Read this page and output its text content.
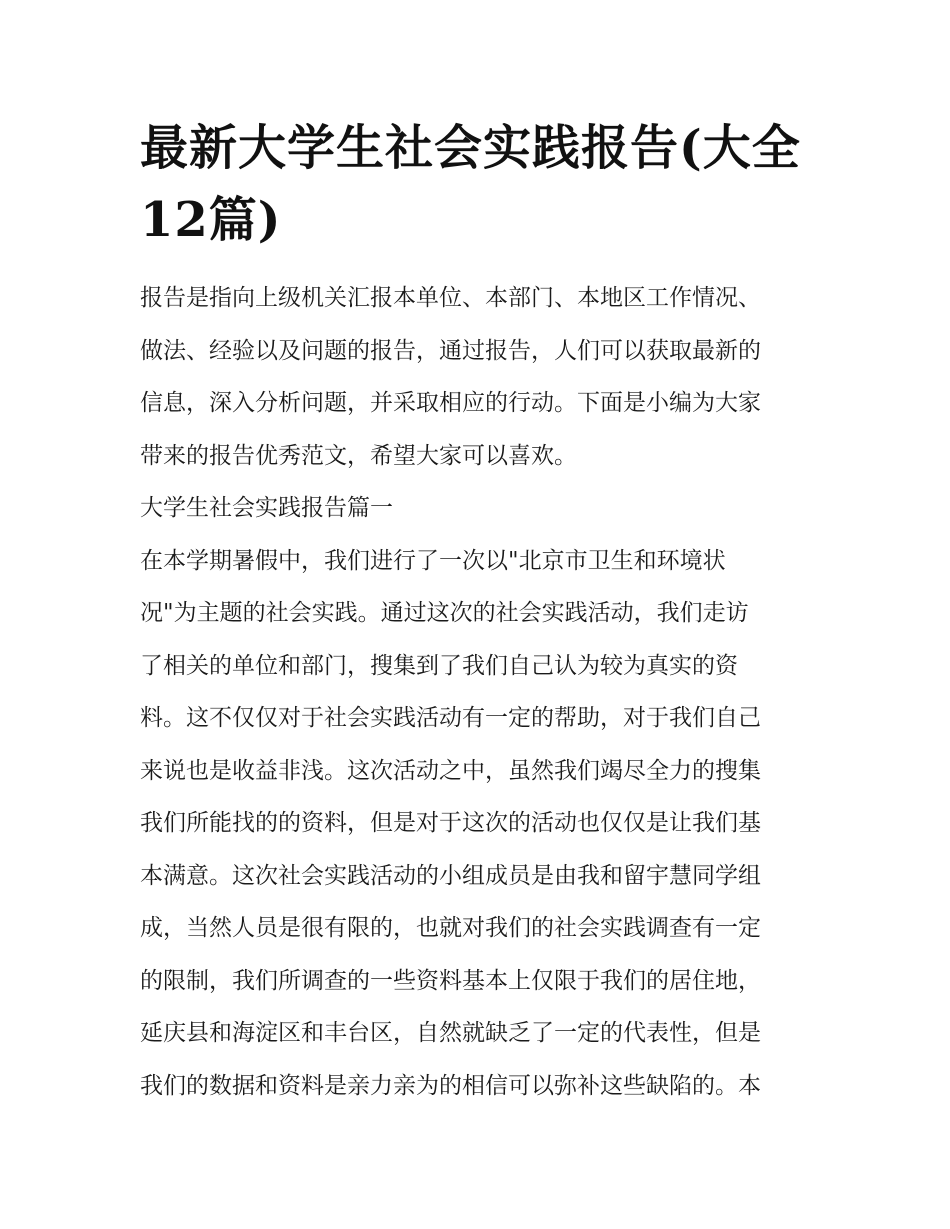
最新大学生社会实践报告(大全
12篇)

报告是指向上级机关汇报本单位、本部门、本地区工作情况、
做法、经验以及问题的报告，通过报告，人们可以获取最新的
信息，深入分析问题，并采取相应的行动。下面是小编为大家
带来的报告优秀范文，希望大家可以喜欢。

大学生社会实践报告篇一

在本学期暑假中，我们进行了一次以"北京市卫生和环境状
况"为主题的社会实践。通过这次的社会实践活动，我们走访
了相关的单位和部门，搜集到了我们自己认为较为真实的资
料。这不仅仅对于社会实践活动有一定的帮助，对于我们自己
来说也是收益非浅。这次活动之中，虽然我们竭尽全力的搜集
我们所能找的的资料，但是对于这次的活动也仅仅是让我们基
本满意。这次社会实践活动的小组成员是由我和留宇慧同学组
成，当然人员是很有限的，也就对我们的社会实践调查有一定
的限制，我们所调查的一些资料基本上仅限于我们的居住地，
延庆县和海淀区和丰台区，自然就缺乏了一定的代表性，但是
我们的数据和资料是亲力亲为的相信可以弥补这些缺陷的。本
